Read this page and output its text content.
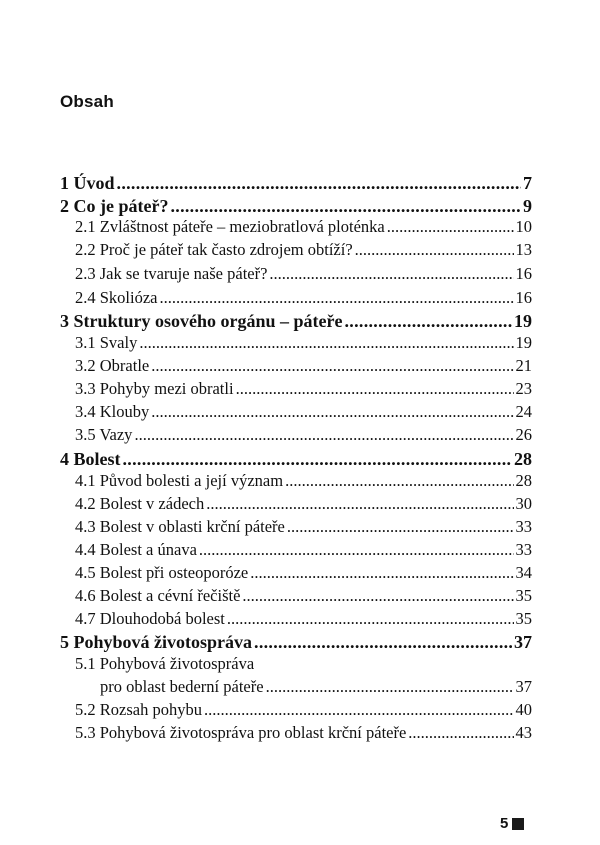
Obsah
1 Úvod .....	7
2 Co je páteř? .....	9
2.1 Zvláštnost páteře – meziobratlová ploténka .....	10
2.2 Proč je páteř tak často zdrojem obtíží? .....	13
2.3 Jak se tvaruje naše páteř? .....	16
2.4 Skolióza .....	16
3 Struktury osového orgánu – páteře .....	19
3.1 Svaly .....	19
3.2 Obratle .....	21
3.3 Pohyby mezi obratli .....	23
3.4 Klouby .....	24
3.5 Vazy .....	26
4 Bolest .....	28
4.1 Původ bolesti a její význam .....	28
4.2 Bolest v zádech .....	30
4.3 Bolest v oblasti krční páteře .....	33
4.4 Bolest a únava .....	33
4.5 Bolest při osteoporóze .....	34
4.6 Bolest a cévní řečiště .....	35
4.7 Dlouhodobá bolest .....	35
5 Pohybová životospráva .....	37
5.1 Pohybová životospráva
pro oblast bederní páteře .....	37
5.2 Rozsah pohybu .....	40
5.3 Pohybová životospráva pro oblast krční páteře .....	43
5
